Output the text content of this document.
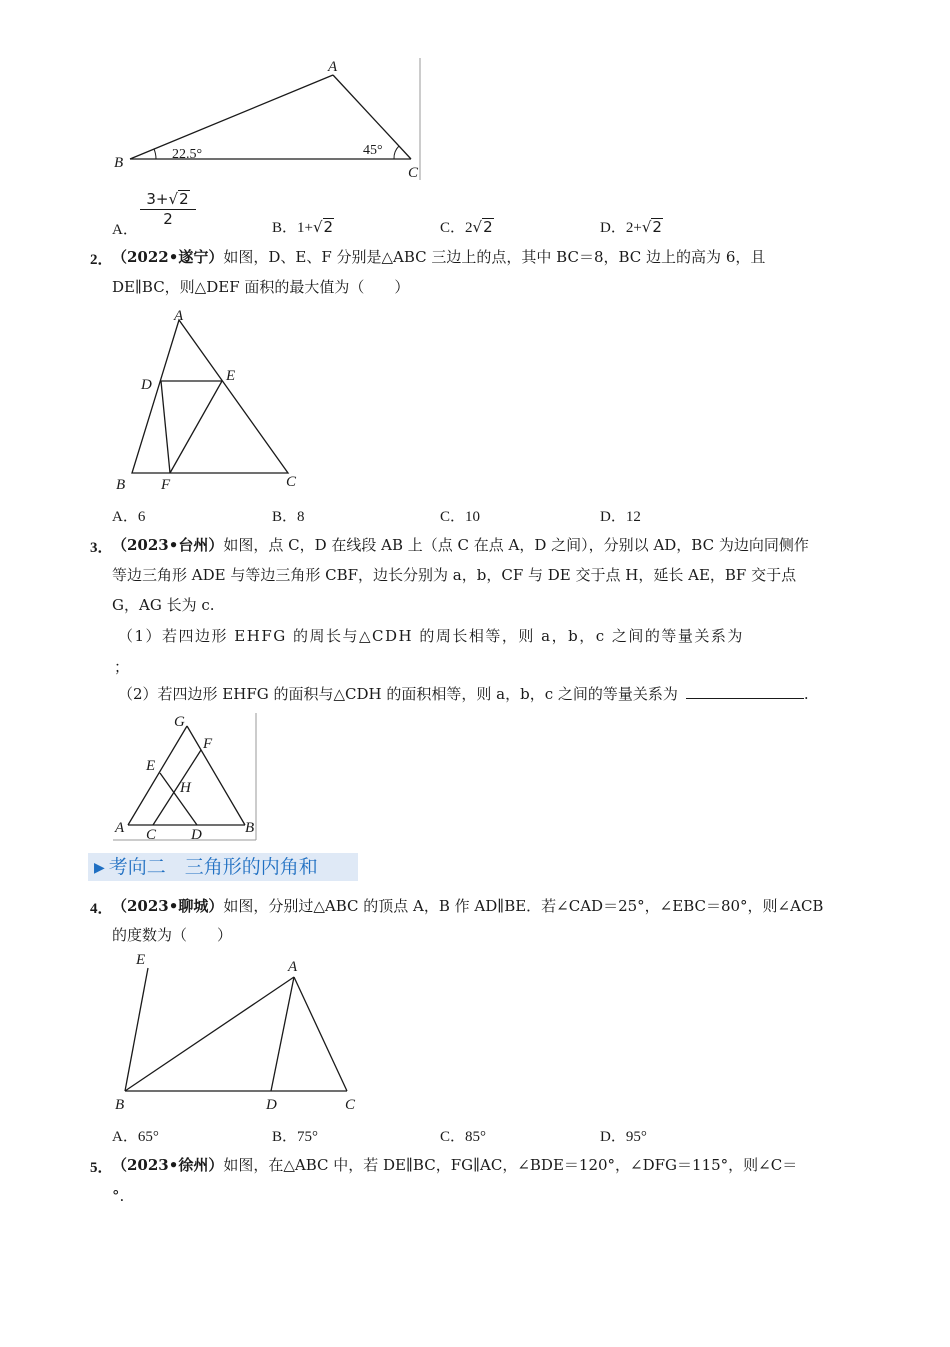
A
B
C
22.5°	45°
A．
$\frac{3+√2}{2}$	B．1+√2	C．2√2	D．2+√2
2． （2022•遂宁）如图，D、E、F 分别是△ABC 三边上的点，其中 BC＝8，BC 边上的高为 6，且
DE∥BC，则△DEF 面积的最大值为（　　）
A
D
E
B F	C
A．6	B．8	C．10	D．12
3． （2023•台州）如图，点 C，D 在线段 AB 上（点 C 在点 A，D 之间），分别以 AD，BC 为边向同侧作
等边三角形 ADE 与等边三角形 CBF，边长分别为 a，b，CF 与 DE 交于点 H，延长 AE，BF 交于点
G，AG 长为 c.
（1）若四边形 EHFG 的周长与△CDH 的周长相等，则 a，b，c 之间的等量关系为
；
（2）若四边形 EHFG 的面积与△CDH 的面积相等，则 a，b，c 之间的等量关系为	.
G
F
E
H
A C D	B
▶ 考向二　三角形的内角和
4． （2023•聊城）如图，分别过△ABC 的顶点 A，B 作 AD∥BE．若∠CAD＝25°，∠EBC＝80°，则∠ACB
的度数为（　　）
E	A
B	D	C
A．65°	B．75°	C．85°	D．95°
5． （2023•徐州）如图，在△ABC 中，若 DE∥BC，FG∥AC，∠BDE＝120°，∠DFG＝115°，则∠C＝
°.
